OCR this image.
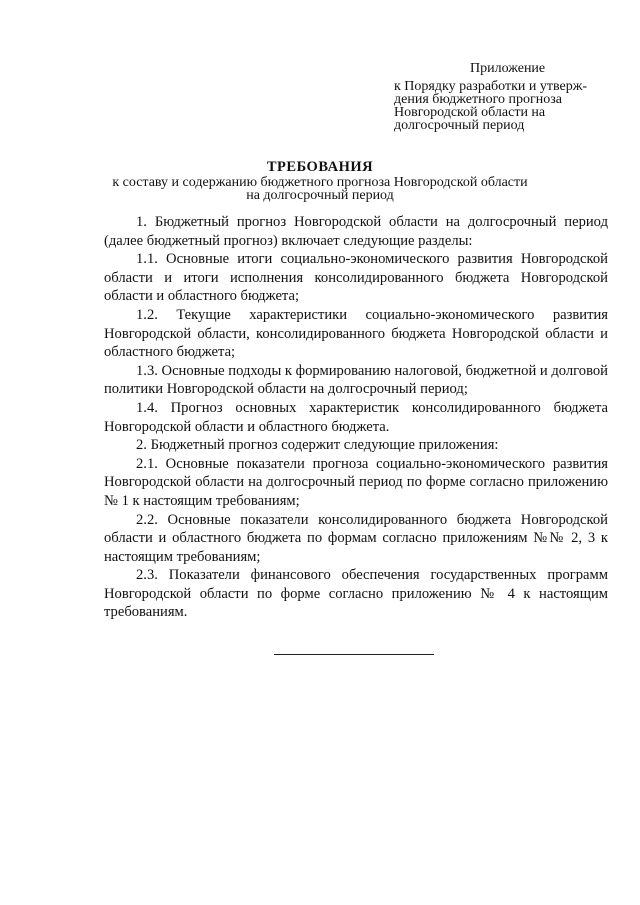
Приложение
к Порядку разработки и утверж-
дения бюджетного прогноза
Новгородской области на
долгосрочный период
ТРЕБОВАНИЯ
к составу и содержанию бюджетного прогноза Новгородской области
на долгосрочный период

1. Бюджетный прогноз Новгородской области на долгосрочный период (далее бюджетный прогноз) включает следующие разделы:

1.1. Основные итоги социально-экономического развития Новгородской области и итоги исполнения консолидированного бюджета Новгородской области и областного бюджета;

1.2. Текущие характеристики социально-экономического развития Новгородской области, консолидированного бюджета Новгородской области и областного бюджета;

1.3. Основные подходы к формированию налоговой, бюджетной и долговой политики Новгородской области на долгосрочный период;

1.4. Прогноз основных характеристик консолидированного бюджета Новгородской области и областного бюджета.

2. Бюджетный прогноз содержит следующие приложения:

2.1. Основные показатели прогноза социально-экономического развития Новгородской области на долгосрочный период по форме согласно приложению № 1 к настоящим требованиям;

2.2. Основные показатели консолидированного бюджета Новгородской области и областного бюджета по формам согласно приложениям №№ 2, 3 к настоящим требованиям;

2.3. Показатели финансового обеспечения государственных программ Новгородской области по форме согласно приложению № 4 к настоящим требованиям.
